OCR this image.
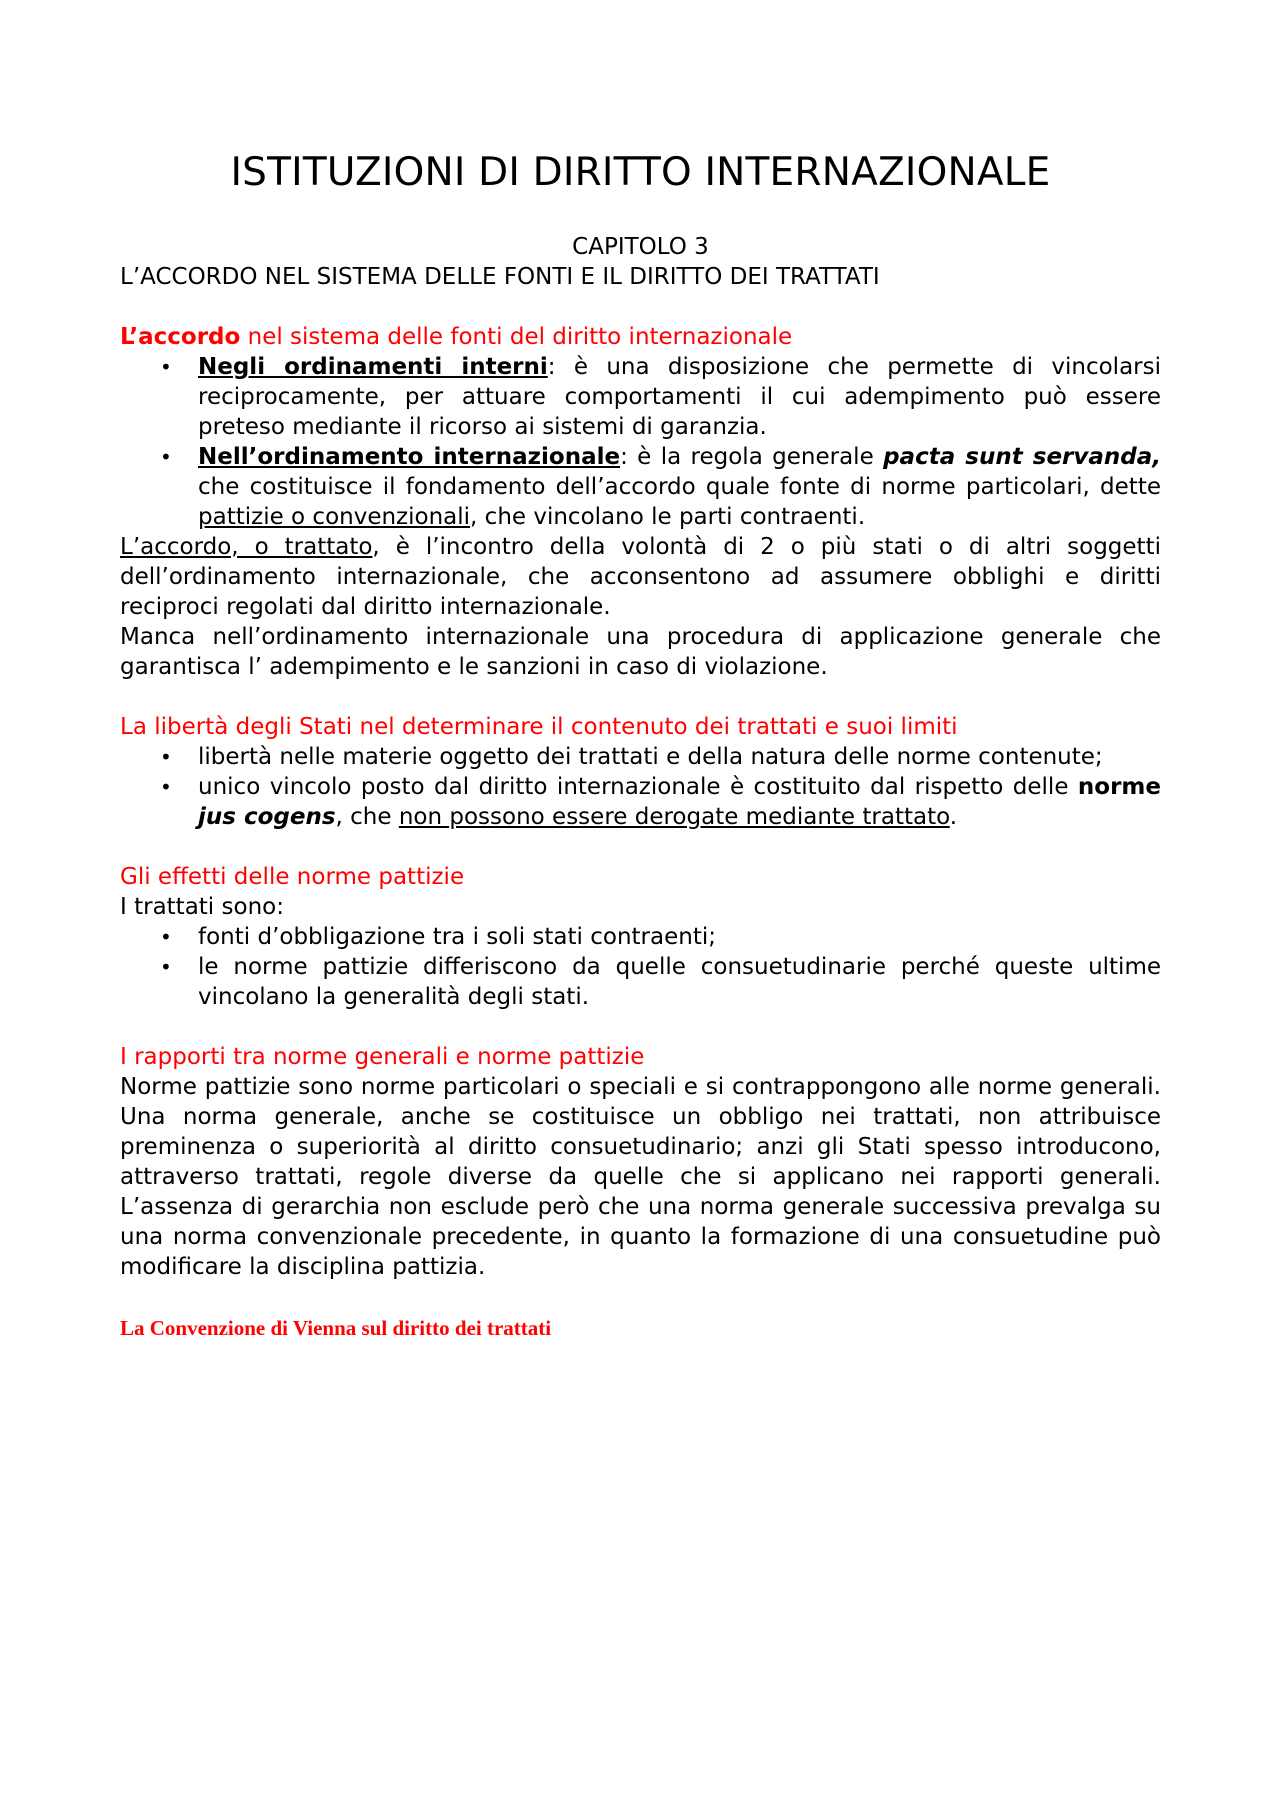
ISTITUZIONI DI DIRITTO INTERNAZIONALE
CAPITOLO 3
L’ACCORDO NEL SISTEMA DELLE FONTI E IL DIRITTO DEI TRATTATI
L’accordo nel sistema delle fonti del diritto internazionale
• Negli ordinamenti interni: è una disposizione che permette di vincolarsi reciprocamente, per attuare comportamenti il cui adempimento può essere preteso mediante il ricorso ai sistemi di garanzia.
• Nell’ordinamento internazionale: è la regola generale pacta sunt servanda, che costituisce il fondamento dell’accordo quale fonte di norme particolari, dette pattizie o convenzionali, che vincolano le parti contraenti.

L’accordo, o trattato, è l’incontro della volontà di 2 o più stati o di altri soggetti dell’ordinamento internazionale, che acconsentono ad assumere obblighi e diritti reciproci regolati dal diritto internazionale.

Manca nell’ordinamento internazionale una procedura di applicazione generale che garantisca l’ adempimento e le sanzioni in caso di violazione.

La libertà degli Stati nel determinare il contenuto dei trattati e suoi limiti
• libertà nelle materie oggetto dei trattati e della natura delle norme contenute;
• unico vincolo posto dal diritto internazionale è costituito dal rispetto delle norme jus cogens, che non possono essere derogate mediante trattato.
Gli effetti delle norme pattizie

I trattati sono:

• fonti d’obbligazione tra i soli stati contraenti;
• le norme pattizie differiscono da quelle consuetudinarie perché queste ultime vincolano la generalità degli stati.
I rapporti tra norme generali e norme pattizie

Norme pattizie sono norme particolari o speciali e si contrappongono alle norme generali. Una norma generale, anche se costituisce un obbligo nei trattati, non attribuisce preminenza o superiorità al diritto consuetudinario; anzi gli Stati spesso introducono, attraverso trattati, regole diverse da quelle che si applicano nei rapporti generali. L’assenza di gerarchia non esclude però che una norma generale successiva prevalga su una norma convenzionale precedente, in quanto la formazione di una consuetudine può modificare la disciplina pattizia.

La Convenzione di Vienna sul diritto dei trattati
